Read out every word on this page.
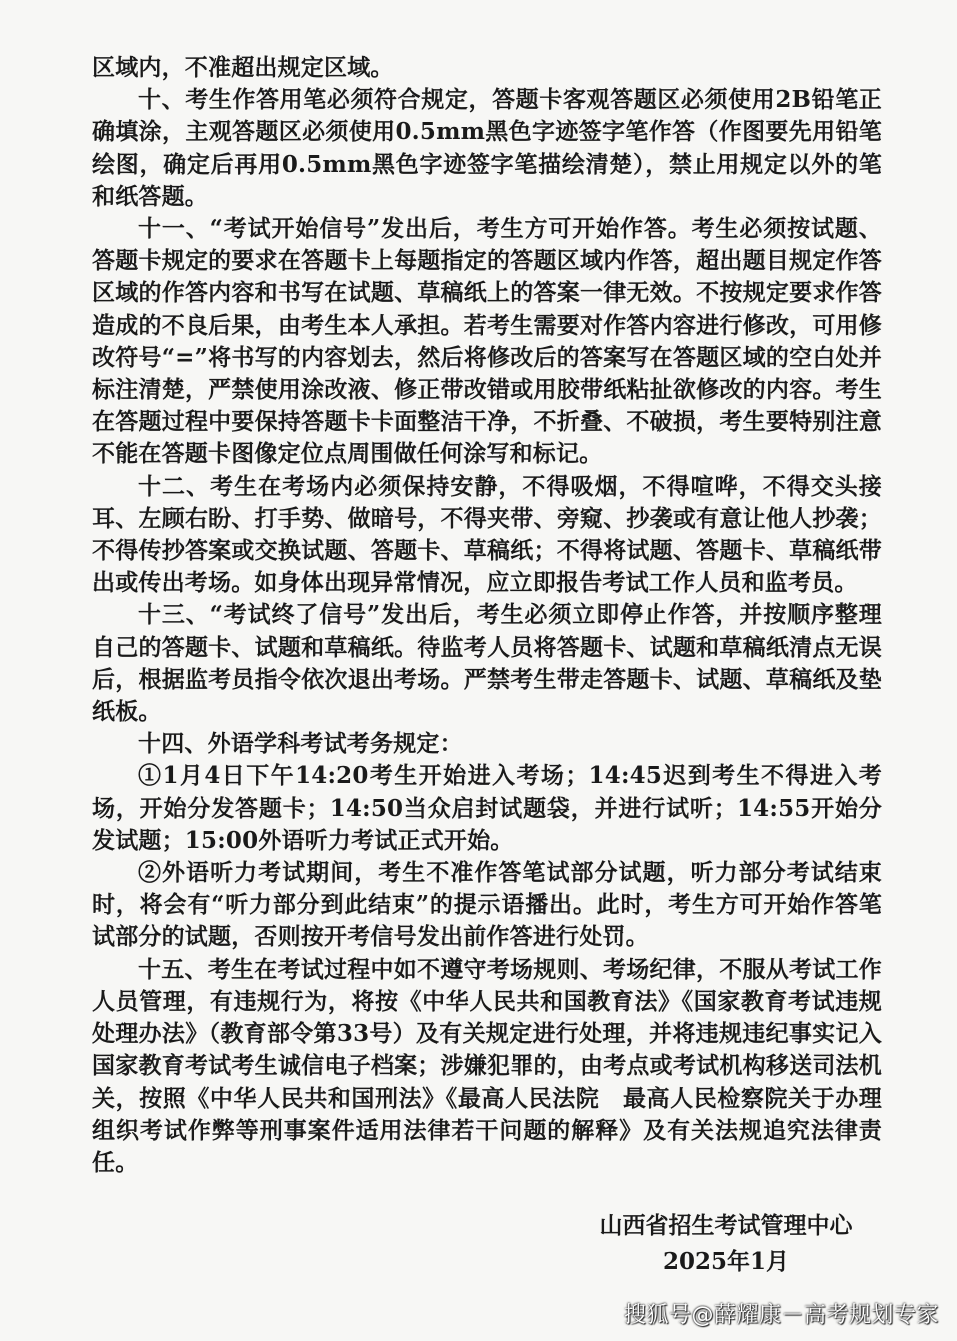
区域内，不准超出规定区域。

十、考生作答用笔必须符合规定，答题卡客观答题区必须使用2B铅笔正确填涂，主观答题区必须使用0.5mm黑色字迹签字笔作答（作图要先用铅笔绘图，确定后再用0.5mm黑色字迹签字笔描绘清楚），禁止用规定以外的笔和纸答题。

十一、“考试开始信号”发出后，考生方可开始作答。考生必须按试题、答题卡规定的要求在答题卡上每题指定的答题区域内作答，超出题目规定作答区域的作答内容和书写在试题、草稿纸上的答案一律无效。不按规定要求作答造成的不良后果，由考生本人承担。若考生需要对作答内容进行修改，可用修改符号“=”将书写的内容划去，然后将修改后的答案写在答题区域的空白处并标注清楚，严禁使用涂改液、修正带改错或用胶带纸粘扯欲修改的内容。考生在答题过程中要保持答题卡卡面整洁干净，不折叠、不破损，考生要特别注意不能在答题卡图像定位点周围做任何涂写和标记。

十二、考生在考场内必须保持安静，不得吸烟，不得喧哗，不得交头接耳、左顾右盼、打手势、做暗号，不得夹带、旁窥、抄袭或有意让他人抄袭；不得传抄答案或交换试题、答题卡、草稿纸；不得将试题、答题卡、草稿纸带出或传出考场。如身体出现异常情况，应立即报告考试工作人员和监考员。

十三、“考试终了信号”发出后，考生必须立即停止作答，并按顺序整理自己的答题卡、试题和草稿纸。待监考人员将答题卡、试题和草稿纸清点无误后，根据监考员指令依次退出考场。严禁考生带走答题卡、试题、草稿纸及垫纸板。

十四、外语学科考试考务规定：

①1月4日下午14:20考生开始进入考场；14:45迟到考生不得进入考场，开始分发答题卡；14:50当众启封试题袋，并进行试听；14:55开始分发试题；15:00外语听力考试正式开始。

②外语听力考试期间，考生不准作答笔试部分试题，听力部分考试结束时，将会有“听力部分到此结束”的提示语播出。此时，考生方可开始作答笔试部分的试题，否则按开考信号发出前作答进行处罚。

十五、考生在考试过程中如不遵守考场规则、考场纪律，不服从考试工作人员管理，有违规行为，将按《中华人民共和国教育法》《国家教育考试违规处理办法》（教育部令第33号）及有关规定进行处理，并将违规违纪事实记入国家教育考试考生诚信电子档案；涉嫌犯罪的，由考点或考试机构移送司法机关，按照《中华人民共和国刑法》《最高人民法院　最高人民检察院关于办理组织考试作弊等刑事案件适用法律若干问题的解释》及有关法规追究法律责任。

山西省招生考试管理中心
2025年1月
搜狐号@薛耀康－高考规划专家
